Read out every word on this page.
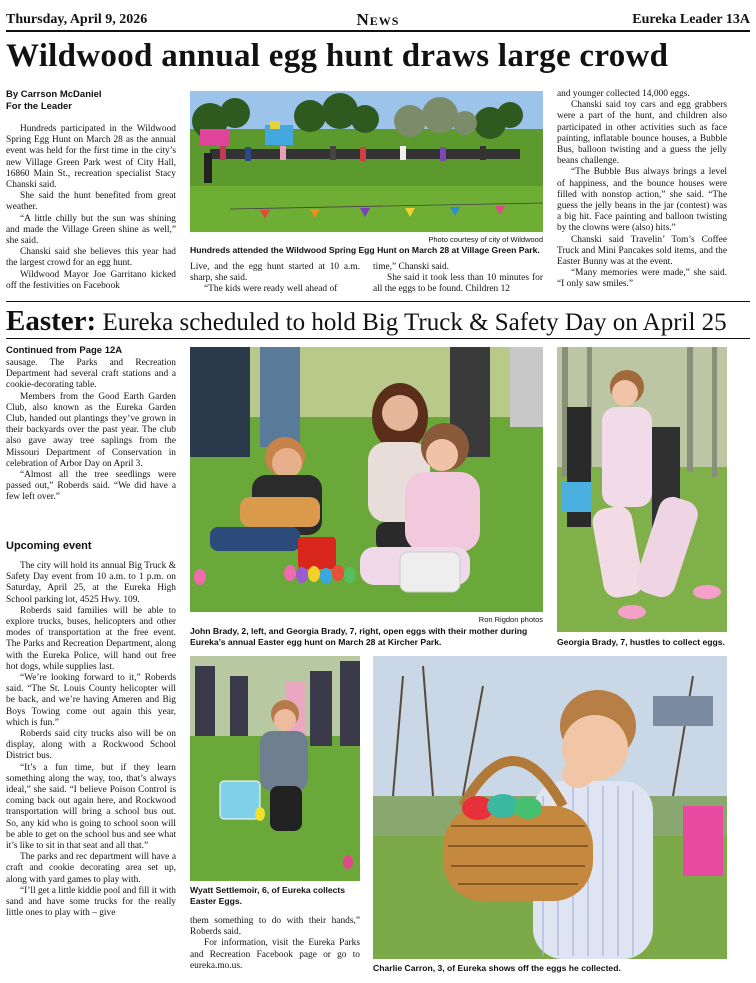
Thursday, April 9, 2026	News	Eureka Leader 13A
Wildwood annual egg hunt draws large crowd
By Carrson McDaniel
For the Leader

Hundreds participated in the Wildwood Spring Egg Hunt on March 28 as the annual event was held for the first time in the city’s new Village Green Park west of City Hall, 16860 Main St., recreation specialist Stacy Chanski said.

She said the hunt benefited from great weather.

“A little chilly but the sun was shining and made the Village Green shine as well,” she said.

Chanski said she believes this year had the largest crowd for an egg hunt.

Wildwood Mayor Joe Garritano kicked off the festivities on Facebook

Photo courtesy of city of Wildwood
Hundreds attended the Wildwood Spring Egg Hunt on March 28 at Village Green Park.

Live, and the egg hunt started at 10 a.m. sharp, she said.

“The kids were ready well ahead of

time,” Chanski said.

She said it took less than 10 minutes for all the eggs to be found. Children 12

and younger collected 14,000 eggs.

Chanski said toy cars and egg grabbers were a part of the hunt, and children also participated in other activities such as face painting, inflatable bounce houses, a Bubble Bus, balloon twisting and a guess the jelly beans challenge.

“The Bubble Bus always brings a level of happiness, and the bounce houses were filled with nonstop action,” she said. “The guess the jelly beans in the jar (contest) was a big hit. Face painting and balloon twisting by the clowns were (also) hits.”

Chanski said Travelin’ Tom’s Coffee Truck and Mini Pancakes sold items, and the Easter Bunny was at the event.

“Many memories were made,” she said. “I only saw smiles.”

Easter: Eureka scheduled to hold Big Truck & Safety Day on April 25
Continued from Page 12A

sausage. The Parks and Recreation Department had several craft stations and a cookie-decorating table.

Members from the Good Earth Garden Club, also known as the Eureka Garden Club, handed out plantings they’ve grown in their backyards over the past year. The club also gave away tree saplings from the Missouri Department of Conservation in celebration of Arbor Day on April 3.

“Almost all the tree seedlings were passed out,” Roberds said. “We did have a few left over.”

Upcoming event

The city will hold its annual Big Truck & Safety Day event from 10 a.m. to 1 p.m. on Saturday, April 25, at the Eureka High School parking lot, 4525 Hwy. 109.

Roberds said families will be able to explore trucks, buses, helicopters and other modes of transportation at the free event. The Parks and Recreation Department, along with the Eureka Police, will hand out free hot dogs, while supplies last.

“We’re looking forward to it,” Roberds said. “The St. Louis County helicopter will be back, and we’re having Ameren and Big Boys Towing come out again this year, which is fun.”

Roberds said city trucks also will be on display, along with a Rockwood School District bus.

“It’s a fun time, but if they learn something along the way, too, that’s always ideal,” she said. “I believe Poison Control is coming back out again here, and Rockwood transportation will bring a school bus out. So, any kid who is going to school soon will be able to get on the school bus and see what it’s like to sit in that seat and all that.”

The parks and rec department will have a craft and cookie decorating area set up, along with yard games to play with.

“I’ll get a little kiddie pool and fill it with sand and have some trucks for the really little ones to play with – give

Ron Rigdon photos
John Brady, 2, left, and Georgia Brady, 7, right, open eggs with their mother during Eureka’s annual Easter egg hunt on March 28 at Kircher Park.	Georgia Brady, 7, hustles to collect eggs.
Wyatt Settlemoir, 6, of Eureka collects Easter Eggs.

them something to do with their hands,” Roberds said.

For information, visit the Eureka Parks and Recreation Facebook page or go to eureka.mo.us.	Charlie Carron, 3, of Eureka shows off the eggs he collected.
